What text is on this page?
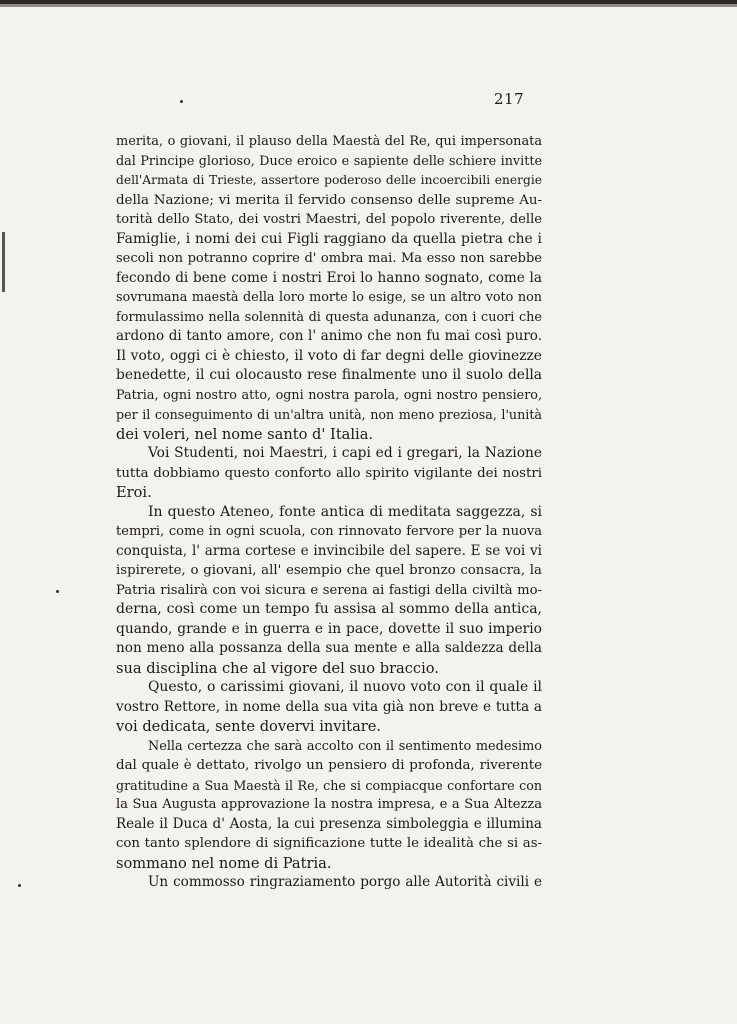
217
merita, o giovani, il plauso della Maestà del Re, qui impersonata
dal Principe glorioso, Duce eroico e sapiente delle schiere invitte
dell'Armata di Trieste, assertore poderoso delle incoercibili energie
della Nazione; vi merita il fervido consenso delle supreme Au-
torità dello Stato, dei vostri Maestri, del popolo riverente, delle
Famiglie, i nomi dei cui Figli raggiano da quella pietra che i
secoli non potranno coprire d' ombra mai. Ma esso non sarebbe
fecondo di bene come i nostri Eroi lo hanno sognato, come la
sovrumana maestà della loro morte lo esige, se un altro voto non
formulassimo nella solennità di questa adunanza, con i cuori che
ardono di tanto amore, con l' animo che non fu mai così puro.
Il voto, oggi ci è chiesto, il voto di far degni delle giovinezze
benedette, il cui olocausto rese finalmente uno il suolo della
Patria, ogni nostro atto, ogni nostra parola, ogni nostro pensiero,
per il conseguimento di un'altra unità, non meno preziosa, l'unità
dei voleri, nel nome santo d' Italia.
Voi Studenti, noi Maestri, i capi ed i gregari, la Nazione
tutta dobbiamo questo conforto allo spirito vigilante dei nostri
Eroi.
In questo Ateneo, fonte antica di meditata saggezza, si
tempri, come in ogni scuola, con rinnovato fervore per la nuova
conquista, l' arma cortese e invincibile del sapere. E se voi vi
ispirerete, o giovani, all' esempio che quel bronzo consacra, la
Patria risalirà con voi sicura e serena ai fastigi della civiltà mo-
derna, così come un tempo fu assisa al sommo della antica,
quando, grande e in guerra e in pace, dovette il suo imperio
non meno alla possanza della sua mente e alla saldezza della
sua disciplina che al vigore del suo braccio.
Questo, o carissimi giovani, il nuovo voto con il quale il
vostro Rettore, in nome della sua vita già non breve e tutta a
voi dedicata, sente dovervi invitare.
Nella certezza che sarà accolto con il sentimento medesimo
dal quale è dettato, rivolgo un pensiero di profonda, riverente
gratitudine a Sua Maestà il Re, che si compiacque confortare con
la Sua Augusta approvazione la nostra impresa, e a Sua Altezza
Reale il Duca d' Aosta, la cui presenza simboleggia e illumina
con tanto splendore di significazione tutte le idealità che si as-
sommano nel nome di Patria.
Un commosso ringraziamento porgo alle Autorità civili e
